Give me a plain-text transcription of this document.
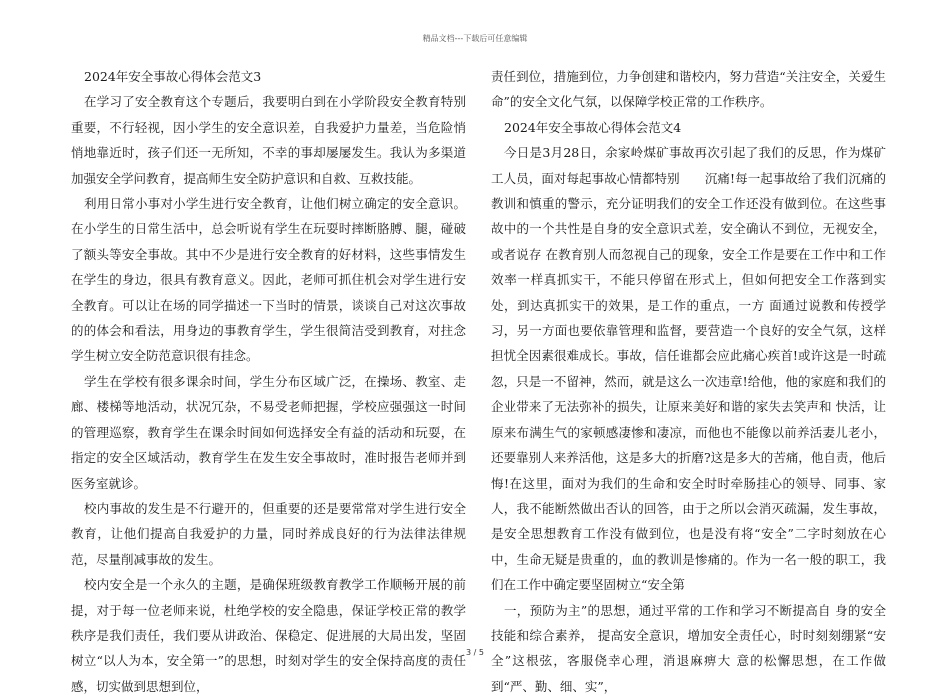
精品文档---下载后可任意编辑

2024年安全事故心得体会范文3

在学习了安全教育这个专题后，我要明白到在小学阶段安全教育特别　　重要，不行轻视，因小学生的安全意识差，自我爱护力量差，当危险悄悄地靠近时，孩子们还一无所知，不幸的事却屡屡发生。我认为多渠道加强安全学问教育，提高师生安全防护意识和自救、互救技能。

利用日常小事对小学生进行安全教育，让他们树立确定的安全意识。在小学生的日常生活中，总会听说有学生在玩耍时摔断胳膊、腿，碰破了额头等安全事故。其中不少是进行安全教育的好材料，这些事情发生在学生的身边，很具有教育意义。因此，老师可抓住机会对学生进行安全教育。可以让在场的同学描述一下当时的情景，谈谈自己对这次事故的的体会和看法，用身边的事教育学生，学生很简洁受到教育，对拄念学生树立安全防范意识很有挂念。

学生在学校有很多课余时间，学生分布区域广泛，在操场、教室、走廊、楼梯等地活动，状况冗杂，不易受老师把握，学校应强强这一时间的管理巡察，教育学生在课余时间如何选择安全有益的活动和玩耍，在指定的安全区域活动，教育学生在发生安全事故时，准时报告老师并到医务室就诊。

校内事故的发生是不行避开的，但重要的还是要常常对学生进行安全教育，让他们提高自我爱护的力量，同时养成良好的行为法律法律规范，尽量削减事故的发生。

校内安全是一个永久的主题，是确保班级教育教学工作顺畅开展的前提，对于每一位老师来说，杜绝学校的安全隐患，保证学校正常的教学秩序是我们责任，我们要从讲政治、保稳定、促进展的大局出发，坚固树立“以人为本，安全第一”的思想，时刻对学生的安全保持高度的责任感，切实做到思想到位，

责任到位，措施到位，力争创建和谐校内，努力营造“关注安全，关爱生命”的安全文化气氛，以保障学校正常的工作秩序。

2024年安全事故心得体会范文4

今日是3月28日，余家岭煤矿事故再次引起了我们的反思，作为煤矿工人员，面对每起事故心情都特别　　沉痛!每一起事故给了我们沉痛的教训和慎重的警示，充分证明我们的安全工作还没有做到位。在这些事故中的一个共性是自身的安全意识式差，安全确认不到位，无视安全，或者说存 在教育别人而忽视自己的现象，安全工作是要在工作中和工作效率一样真抓实干，不能只停留在形式上，但如何把安全工作落到实处，到达真抓实干的效果，是工作的重点，一方 面通过说教和传授学习，另一方面也要依靠管理和监督，要营造一个良好的安全气氛，这样担忧全因素很难成长。事故，信任谁都会应此痛心疾首!或许这是一时疏忽，只是一不留神，然而，就是这么一次违章!给他，他的家庭和我们的企业带来了无法弥补的损失，让原来美好和谐的家失去笑声和 快活，让原来布满生气的家顿感凄惨和凄凉，而他也不能像以前养活妻儿老小，还要靠别人来养活他，这是多大的折磨?这是多大的苦痛，他自责，他后悔!在这里，面对为我们的生命和安全时时牵肠挂心的领导、同事、家人，我不能断然做出否认的回答，由于之所以会消灭疏漏，发生事故，是安全思想教育工作没有做到位，也是没有将“安全”二字时刻放在心中，生命无疑是贵重的，血的教训是惨痛的。作为一名一般的职工，我们在工作中确定要坚固树立“安全第

一，预防为主”的思想，通过平常的工作和学习不断提高自 身的安全技能和综合素养， 提高安全意识，增加安全责任心，时时刻刻绷紧“安全”这根弦，客服侥幸心理，消退麻痹大 意的松懈思想，在工作做到“严、勤、细、实”，

3 / 5
